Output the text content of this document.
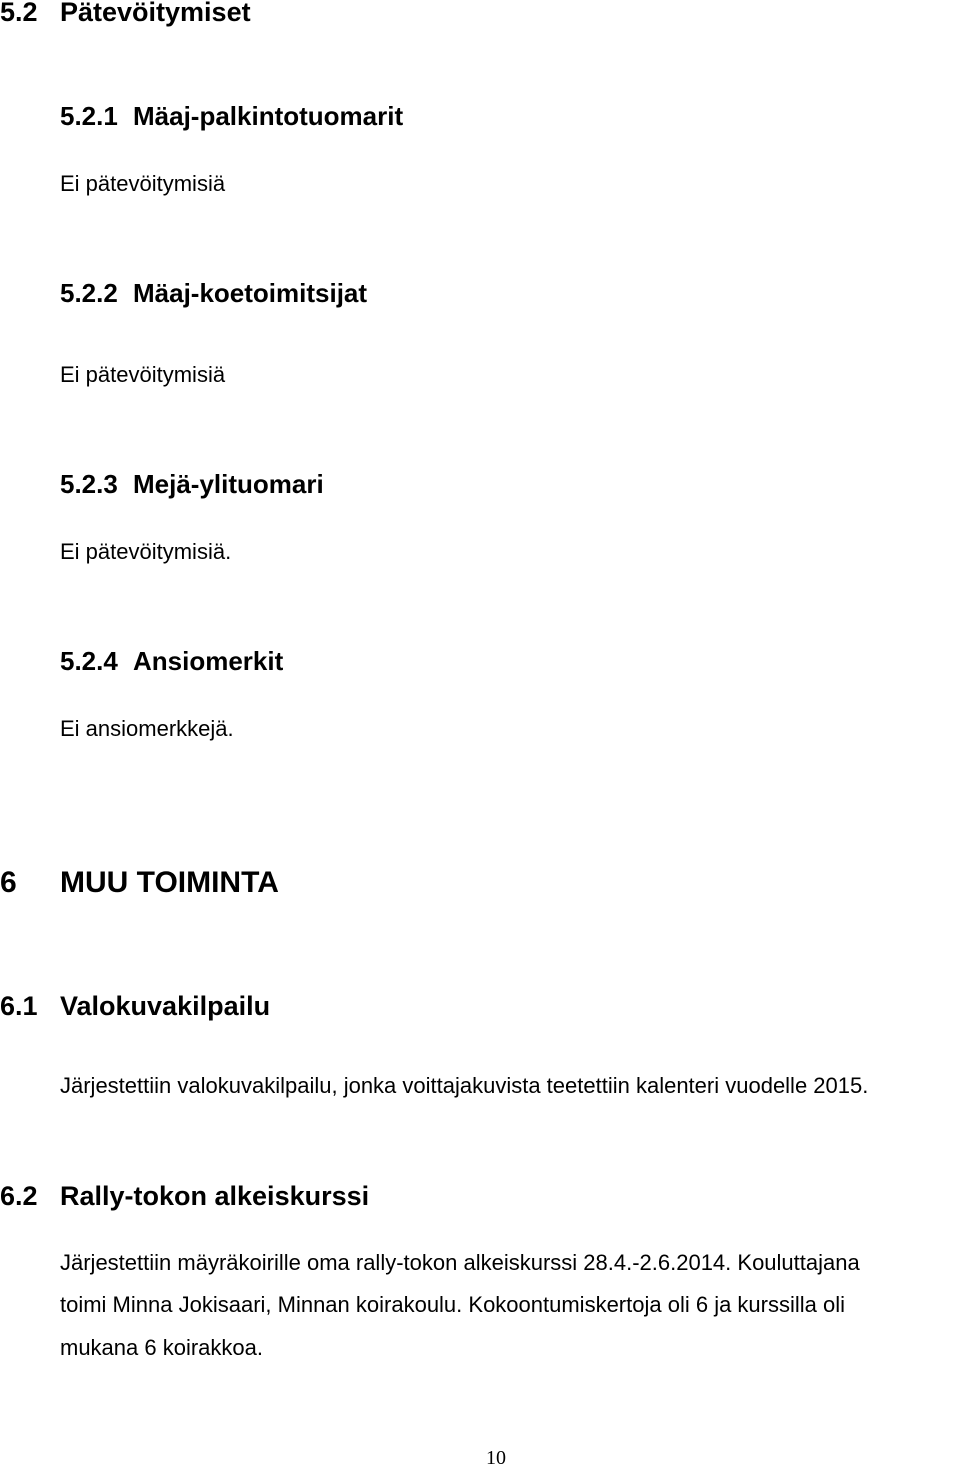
5.2 Pätevöitymiset
5.2.1 Mäaj-palkintotuomarit
Ei pätevöitymisiä
5.2.2 Mäaj-koetoimitsijat
Ei pätevöitymisiä
5.2.3 Mejä-ylituomari
Ei pätevöitymisiä.
5.2.4 Ansiomerkit
Ei ansiomerkkejä.
6 MUU TOIMINTA
6.1 Valokuvakilpailu
Järjestettiin valokuvakilpailu, jonka voittajakuvista teetettiin kalenteri vuodelle 2015.
6.2 Rally-tokon alkeiskurssi
Järjestettiin mäyräkoirille oma rally-tokon alkeiskurssi 28.4.-2.6.2014. Kouluttajana
toimi Minna Jokisaari, Minnan koirakoulu. Kokoontumiskertoja oli 6 ja kurssilla oli
mukana 6 koirakkoa.
10
